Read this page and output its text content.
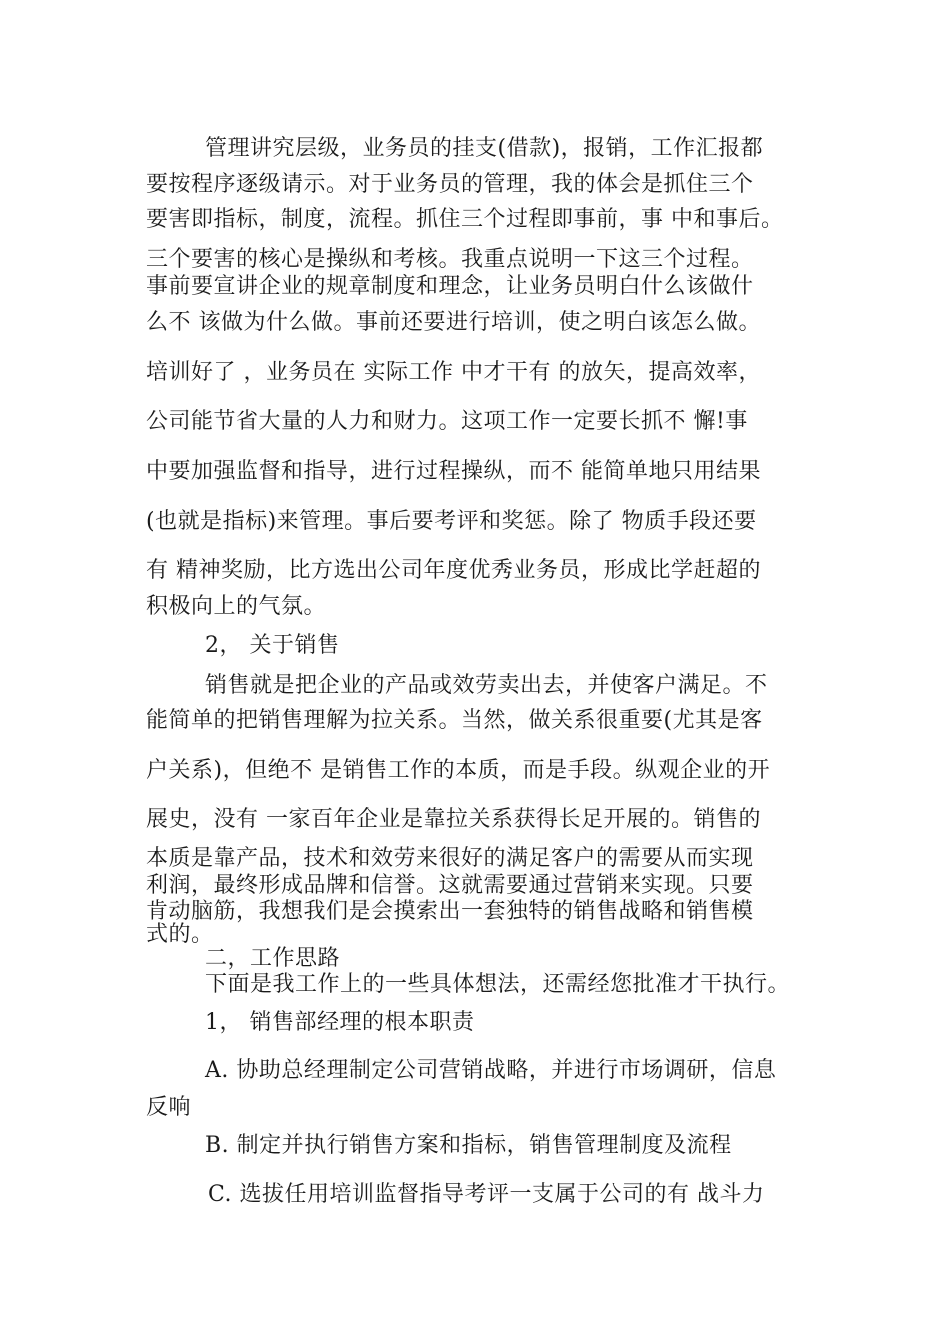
管理讲究层级，业务员的挂支(借款)，报销，工作汇报都
要按程序逐级请示。对于业务员的管理，我的体会是抓住三个
要害即指标，制度，流程。抓住三个过程即事前，事 中和事后。
三个要害的核心是操纵和考核。我重点说明一下这三个过程。
事前要宣讲企业的规章制度和理念，让业务员明白什么该做什
么不 该做为什么做。事前还要进行培训，使之明白该怎么做。
培训好了 ，业务员在 实际工作 中才干有 的放矢，提高效率，
公司能节省大量的人力和财力。这项工作一定要长抓不 懈!事
中要加强监督和指导，进行过程操纵，而不 能简单地只用结果
(也就是指标)来管理。事后要考评和奖惩。除了 物质手段还要
有 精神奖励，比方选出公司年度优秀业务员，形成比学赶超的
积极向上的气氛。
2， 关于销售
销售就是把企业的产品或效劳卖出去，并使客户满足。不
能简单的把销售理解为拉关系。当然，做关系很重要(尤其是客
户关系)，但绝不 是销售工作的本质，而是手段。纵观企业的开
展史，没有 一家百年企业是靠拉关系获得长足开展的。销售的
本质是靠产品，技术和效劳来很好的满足客户的需要从而实现
利润，最终形成品牌和信誉。这就需要通过营销来实现。只要
肯动脑筋，我想我们是会摸索出一套独特的销售战略和销售模
式的。
二，工作思路
下面是我工作上的一些具体想法，还需经您批准才干执行。
1， 销售部经理的根本职责
A. 协助总经理制定公司营销战略，并进行市场调研，信息
反响
B. 制定并执行销售方案和指标，销售管理制度及流程
C. 选拔任用培训监督指导考评一支属于公司的有 战斗力
